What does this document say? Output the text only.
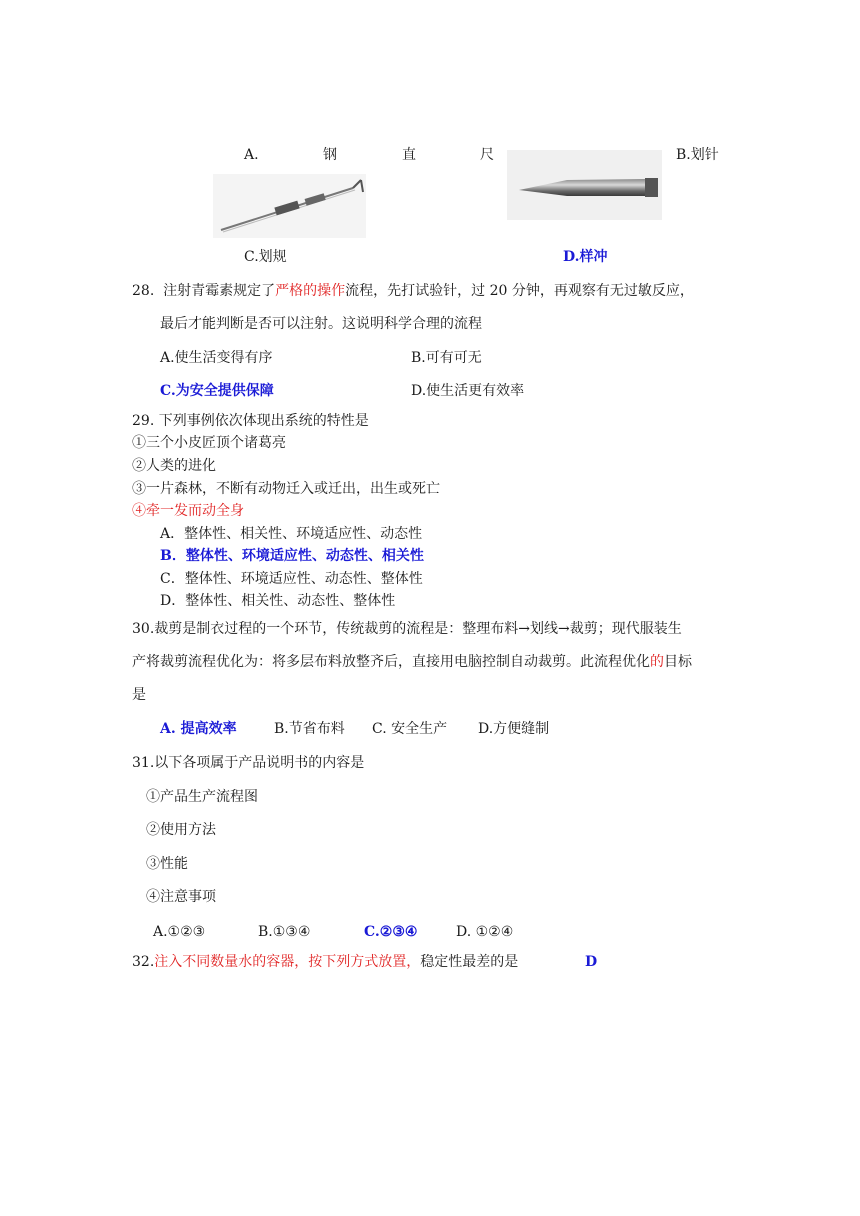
A.	钢	直	尺	B.划针
C.划规	D.样冲
28. 注射青霉素规定了严格的操作流程，先打试验针，过 20 分钟，再观察有无过敏反应，
最后才能判断是否可以注射。这说明科学合理的流程
A.使生活变得有序	B.可有可无
C.为安全提供保障	D.使生活更有效率
29. 下列事例依次体现出系统的特性是
①三个小皮匠顶个诸葛亮
②人类的进化
③一片森林，不断有动物迁入或迁出，出生或死亡
④牵一发而动全身
A．整体性、相关性、环境适应性、动态性
B．整体性、环境适应性、动态性、相关性
C．整体性、环境适应性、动态性、整体性
D．整体性、相关性、动态性、整体性
30.裁剪是制衣过程的一个环节，传统裁剪的流程是：整理布料→划线→裁剪；现代服装生
产将裁剪流程优化为：将多层布料放整齐后，直接用电脑控制自动裁剪。此流程优化的目标
是
A. 提高效率	B.节省布料 C. 安全生产 D.方便缝制
31.以下各项属于产品说明书的内容是
①产品生产流程图
②使用方法
③性能
④注意事项
A.①②③	B.①③④	C.②③④	D. ①②④
32.注入不同数量水的容器，按下列方式放置，稳定性最差的是	D
